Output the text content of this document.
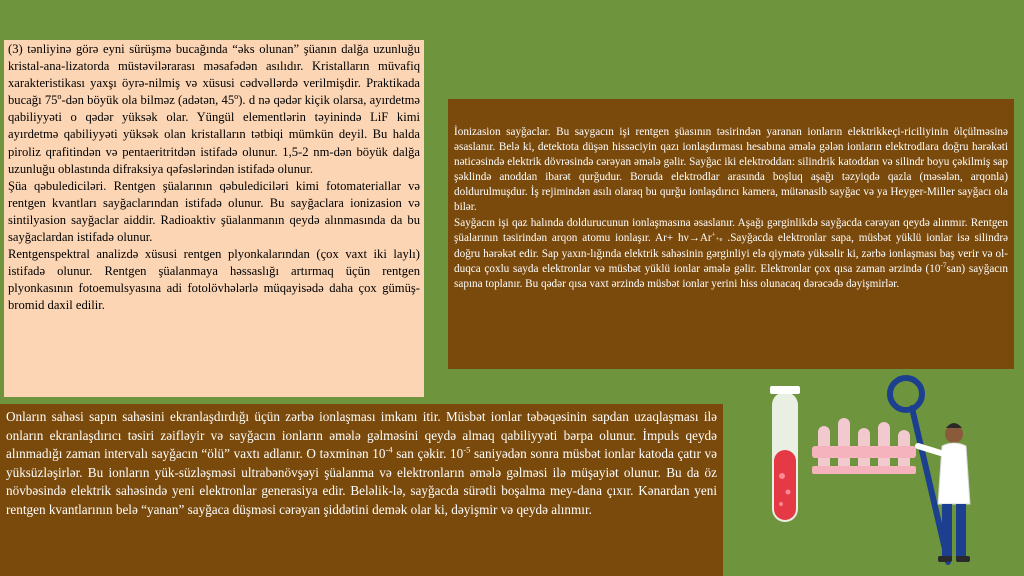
(3) tənliyinə görə eyni sürüşmə bucağında “əks olunan” şüanın dalğa uzunluğu kristal-ana-lizatorda müstəvilərarası məsafədən asılıdır. Kristalların müvafiq xarakteristikası yaxşı öyrə-nilmiş və xüsusi cədvəllərdə verilmişdir. Praktikada bucağı 75$^o$-dən böyük ola bilməz (adətən, 45$^o$). d nə qədər kiçik olarsa, ayırdetmə qabiliyyəti o qədər yüksək olar. Yüngül elementlərin təyinində LiF kimi ayırdetmə qabiliyyəti yüksək olan kristalların tətbiqi mümkün deyil. Bu halda piroliz qrafitindən və pentaeritritdən istifadə olunur. 1,5-2 nm-dən böyük dalğa uzunluğu oblastında difraksiya qəfəslərindən istifadə olunur.

Şüa qəbulediciləri. Rentgen şüalarının qəbulediciləri kimi fotomateriallar və rentgen kvantları sayğaclarından istifadə olunur. Bu sayğaclara ionizasion və sintilyasion sayğaclar aiddir. Radioaktiv şüalanmanın qeydə alınmasında da bu sayğaclardan istifadə olunur.

Rentgenspektral analizdə xüsusi rentgen plyonkalarından (çox vaxt iki laylı) istifadə olunur. Rentgen şüalanmaya həssaslığı artırmaq üçün rentgen plyonkasının fotoemulsyasına adi fotolövhələrlə müqayisədə daha çox gümüş-bromid daxil edilir.

İonizasion sayğaclar. Bu saygacın işi rentgen şüasının təsirindən yaranan ionların elektrikkeçi-riciliyinin ölçülməsinə əsaslanır. Belə ki, detektota düşən hissəciyin qazı ionlaşdırması hesabına əmələ gələn ionların elektrodlara doğru hərəkəti nəticəsində elektrik dövrəsində cərəyan əmələ gəlir. Sayğac iki elektroddan: silindrik katoddan və silindr boyu çəkilmiş sap şəklində anoddan ibarət qurğudur. Boruda elektrodlar arasında boşluq aşağı təzyiqdə qazla (məsələn, arqonla) doldurulmuşdur. İş rejimindən asılı olaraq bu qurğu ionlaşdırıcı kamera, mütənasib sayğac və ya Heyger-Miller sayğacı ola bilər.

Sayğacın işi qaz halında doldurucunun ionlaşmasına əsaslanır. Aşağı gərginlikdə sayğacda cərəyan qeydə alınmır. Rentgen şüalarının təsirindən arqon atomu ionlaşır. Ar+ hν→Ar++e .Sayğacda elektronlar sapa, müsbət yüklü ionlar isə silindrə doğru hərəkət edir. Sap yaxın-lığında elektrik sahəsinin gərginliyi elə qiymətə yüksəlir ki, zərbə ionlaşması baş verir və ol-duqca çoxlu sayda elektronlar və müsbət yüklü ionlar əmələ gəlir. Elektronlar çox qısa zaman ərzində $(10^{-7}san)$ sayğacın sapına toplanır. Bu qədər qısa vaxt ərzində müsbət ionlar yerini hiss olunacaq dərəcədə dəyişmirlər.

Onların sahəsi sapın sahəsini ekranlaşdırdığı üçün zərbə ionlaşması imkanı itir. Müsbət ionlar təbəqəsinin sapdan uzaqlaşması ilə onların ekranlaşdırıcı təsiri zəifləyir və sayğacın ionların əmələ gəlməsini qeydə almaq qabiliyyəti bərpa olunur. İmpuls qeydə alınmadığı zaman intervalı sayğacın “ölü” vaxtı adlanır. O təxminən $10^{-4}$ san çəkir. $10^{-5}$ saniyədən sonra müsbət ionlar katoda çatır və yüksüzləşirlər. Bu ionların yük-süzləşməsi ultrabənövşəyi şüalanma və elektronların əmələ gəlməsi ilə müşayiət olunur. Bu da öz növbəsində elektrik sahəsində yeni elektronlar generasiya edir. Beləlik-lə, sayğacda sürətli boşalma mey-dana çıxır. Kənardan yeni rentgen kvantlarının belə “yanan” sayğaca düşməsi cərəyan şiddətini demək olar ki, dəyişmir və qeydə alınmır.
